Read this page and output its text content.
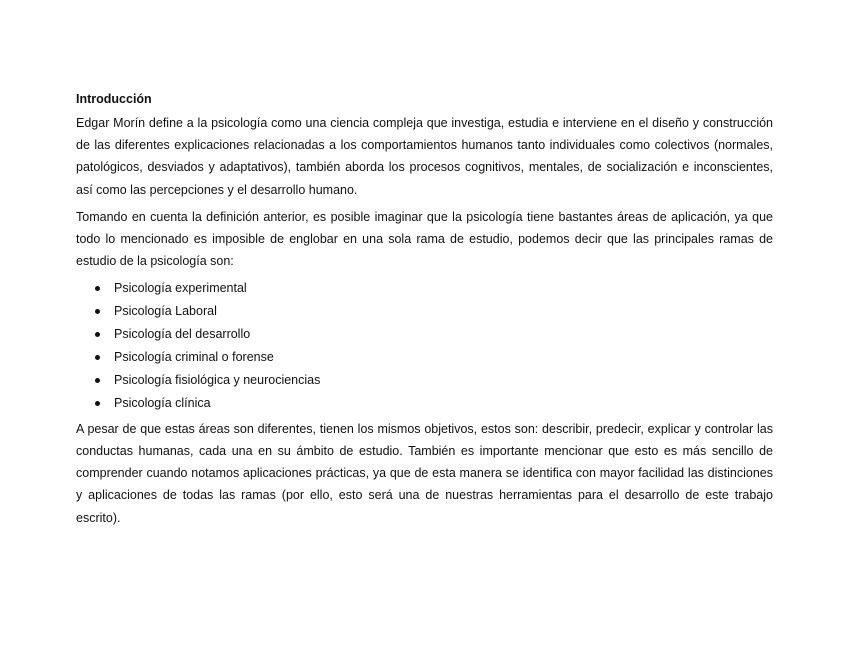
Introducción

Edgar Morín define a la psicología como una ciencia compleja que investiga, estudia e interviene en el diseño y construcción de las diferentes explicaciones relacionadas a los comportamientos humanos tanto individuales como colectivos (normales, patológicos, desviados y adaptativos), también aborda los procesos cognitivos, mentales, de socialización e inconscientes, así como las percepciones y el desarrollo humano.

Tomando en cuenta la definición anterior, es posible imaginar que la psicología tiene bastantes áreas de aplicación, ya que todo lo mencionado es imposible de englobar en una sola rama de estudio, podemos decir que las principales ramas de estudio de la psicología son:

Psicología experimental
Psicología Laboral
Psicología del desarrollo
Psicología criminal o forense
Psicología fisiológica y neurociencias
Psicología clínica

A pesar de que estas áreas son diferentes, tienen los mismos objetivos, estos son: describir, predecir, explicar y controlar las conductas humanas, cada una en su ámbito de estudio. También es importante mencionar que esto es más sencillo de comprender cuando notamos aplicaciones prácticas, ya que de esta manera se identifica con mayor facilidad las distinciones y aplicaciones de todas las ramas (por ello, esto será una de nuestras herramientas para el desarrollo de este trabajo escrito).
